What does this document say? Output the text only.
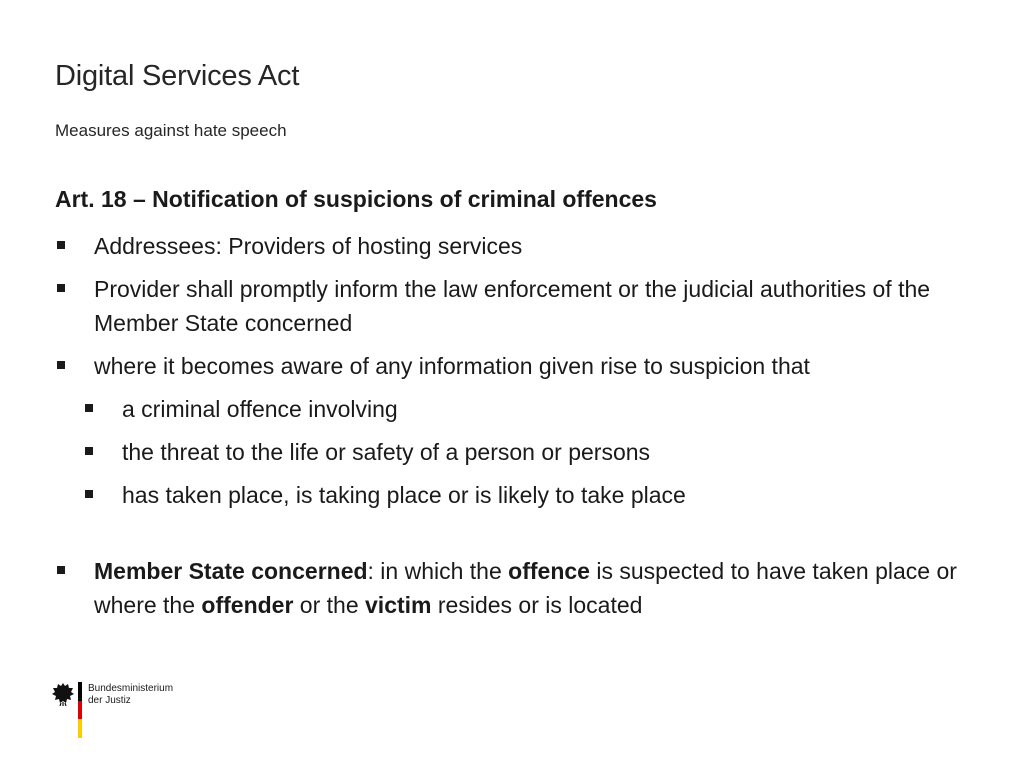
Digital Services Act
Measures against hate speech
Art. 18 – Notification of suspicions of criminal offences
Addressees: Providers of hosting services
Provider shall promptly inform the law enforcement or the judicial authorities of the Member State concerned
where it becomes aware of any information given rise to suspicion that
a criminal offence involving
the threat to the life or safety of a person or persons
has taken place, is taking place or is likely to take place
Member State concerned: in which the offence is suspected to have taken place or where the offender or the victim resides or is located
Bundesministerium
der Justiz
